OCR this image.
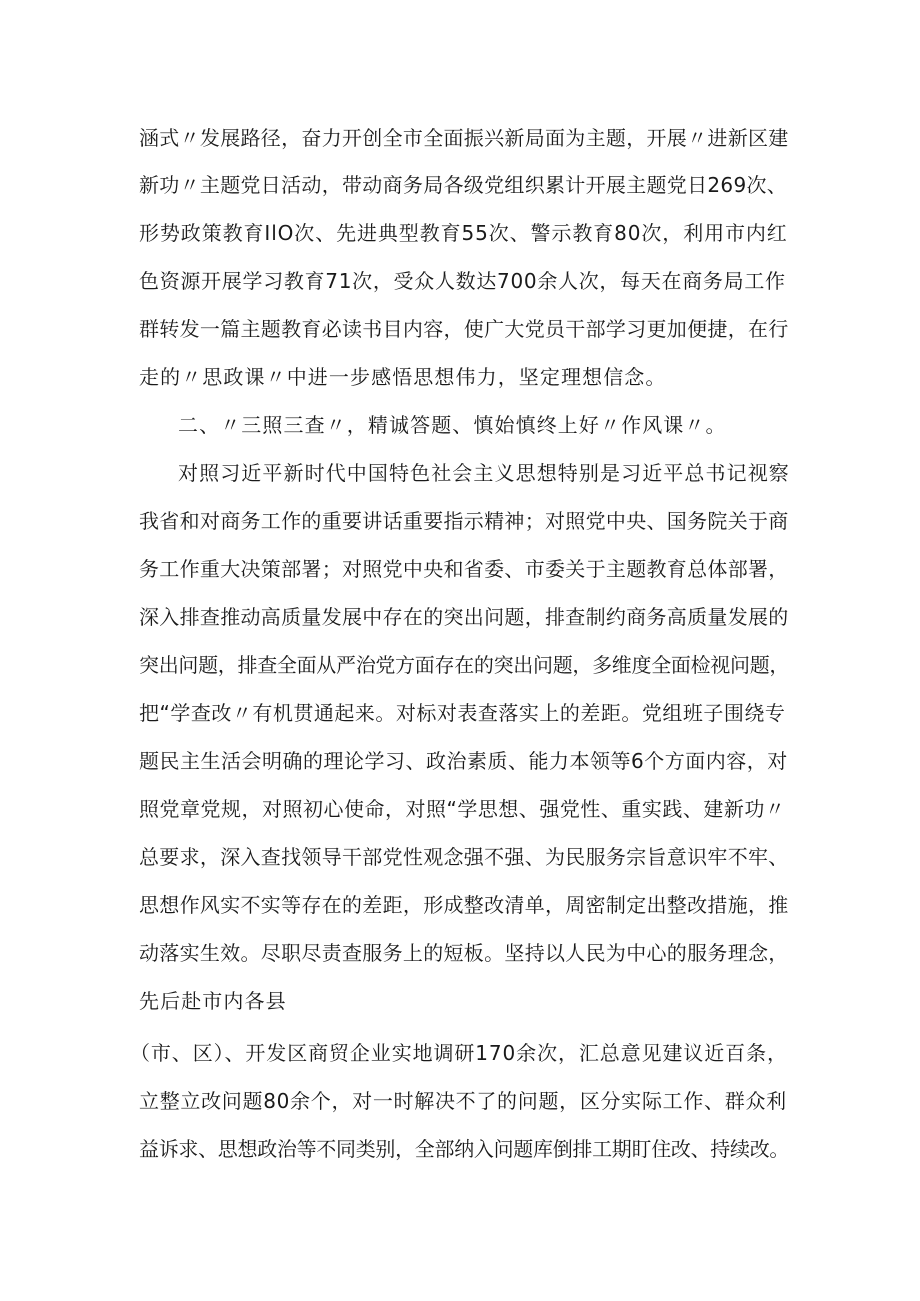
涵式〃发展路径，奋力开创全市全面振兴新局面为主题，开展〃进新区建
新功〃主题党日活动，带动商务局各级党组织累计开展主题党日269次、
形势政策教育IlO次、先进典型教育55次、警示教育80次，利用市内红
色资源开展学习教育71次，受众人数达700余人次，每天在商务局工作
群转发一篇主题教育必读书目内容，使广大党员干部学习更加便捷，在行
走的〃思政课〃中进一步感悟思想伟力，坚定理想信念。
二、〃三照三查〃，精诚答题、慎始慎终上好〃作风课〃。
对照习近平新时代中国特色社会主义思想特别是习近平总书记视察
我省和对商务工作的重要讲话重要指示精神；对照党中央、国务院关于商
务工作重大决策部署；对照党中央和省委、市委关于主题教育总体部署，
深入排查推动高质量发展中存在的突出问题，排查制约商务高质量发展的
突出问题，排查全面从严治党方面存在的突出问题，多维度全面检视问题，
把“学查改〃有机贯通起来。对标对表查落实上的差距。党组班子围绕专
题民主生活会明确的理论学习、政治素质、能力本领等6个方面内容，对
照党章党规，对照初心使命，对照“学思想、强党性、重实践、建新功〃
总要求，深入查找领导干部党性观念强不强、为民服务宗旨意识牢不牢、
思想作风实不实等存在的差距，形成整改清单，周密制定出整改措施，推
动落实生效。尽职尽责查服务上的短板。坚持以人民为中心的服务理念，
先后赴市内各县
（市、区）、开发区商贸企业实地调研170余次，汇总意见建议近百条，
立整立改问题80余个，对一时解决不了的问题，区分实际工作、群众利
益诉求、思想政治等不同类别，全部纳入问题库倒排工期盯住改、持续改。
